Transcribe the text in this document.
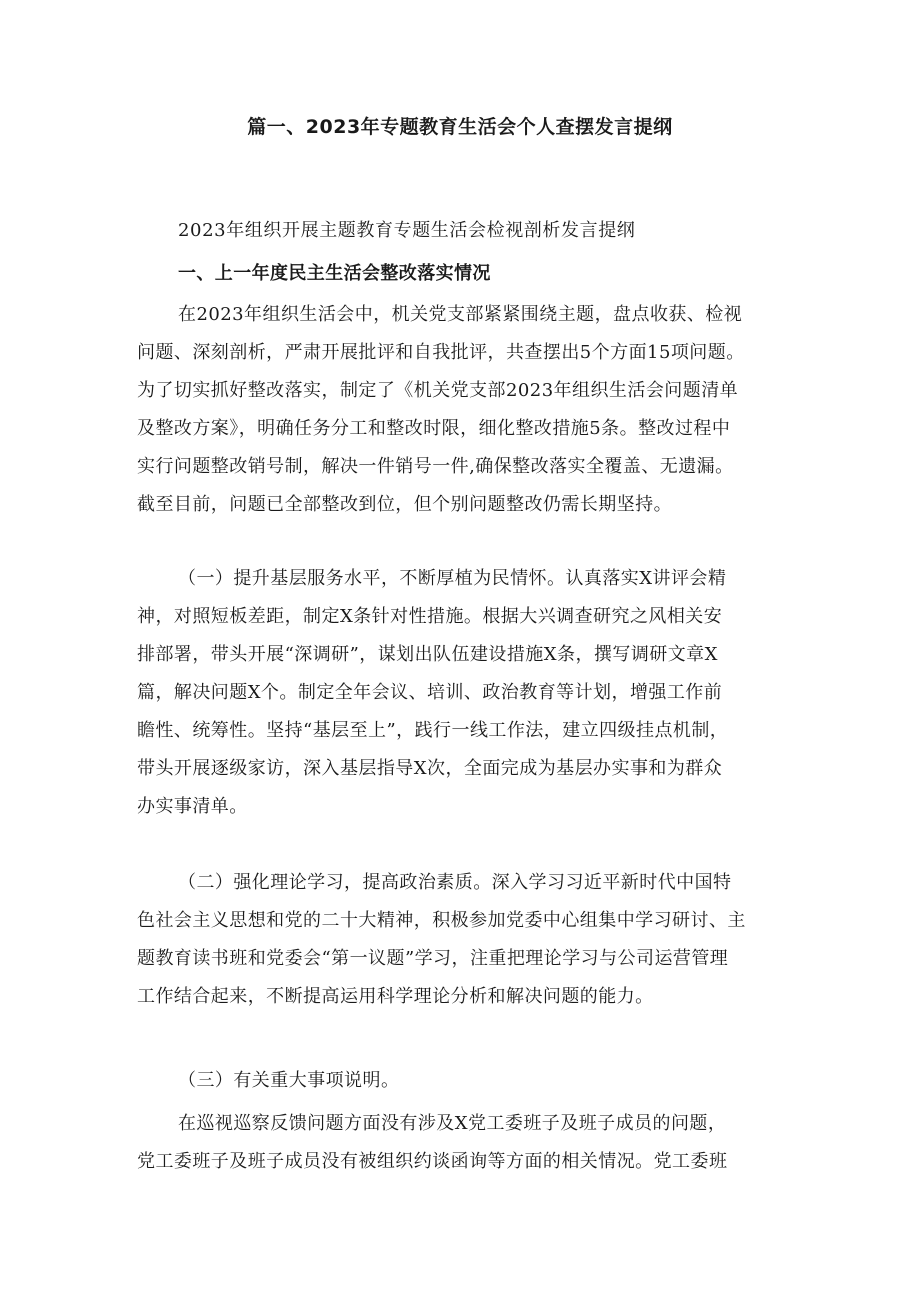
篇一、2023年专题教育生活会个人查摆发言提纲
2023年组织开展主题教育专题生活会检视剖析发言提纲
一、上一年度民主生活会整改落实情况
在2023年组织生活会中，机关党支部紧紧围绕主题，盘点收获、检视
问题、深刻剖析，严肃开展批评和自我批评，共查摆出5个方面15项问题。
为了切实抓好整改落实，制定了《机关党支部2023年组织生活会问题清单
及整改方案》，明确任务分工和整改时限，细化整改措施5条。整改过程中
实行问题整改销号制，解决一件销号一件,确保整改落实全覆盖、无遗漏。
截至目前，问题已全部整改到位，但个别问题整改仍需长期坚持。
（一）提升基层服务水平，不断厚植为民情怀。认真落实X讲评会精
神，对照短板差距，制定X条针对性措施。根据大兴调查研究之风相关安
排部署，带头开展“深调研”，谋划出队伍建设措施X条，撰写调研文章X
篇，解决问题X个。制定全年会议、培训、政治教育等计划，增强工作前
瞻性、统筹性。坚持“基层至上”，践行一线工作法，建立四级挂点机制，
带头开展逐级家访，深入基层指导X次，全面完成为基层办实事和为群众
办实事清单。
（二）强化理论学习，提高政治素质。深入学习习近平新时代中国特
色社会主义思想和党的二十大精神，积极参加党委中心组集中学习研讨、主
题教育读书班和党委会“第一议题”学习，注重把理论学习与公司运营管理
工作结合起来，不断提高运用科学理论分析和解决问题的能力。
（三）有关重大事项说明。
在巡视巡察反馈问题方面没有涉及X党工委班子及班子成员的问题，
党工委班子及班子成员没有被组织约谈函询等方面的相关情况。党工委班
